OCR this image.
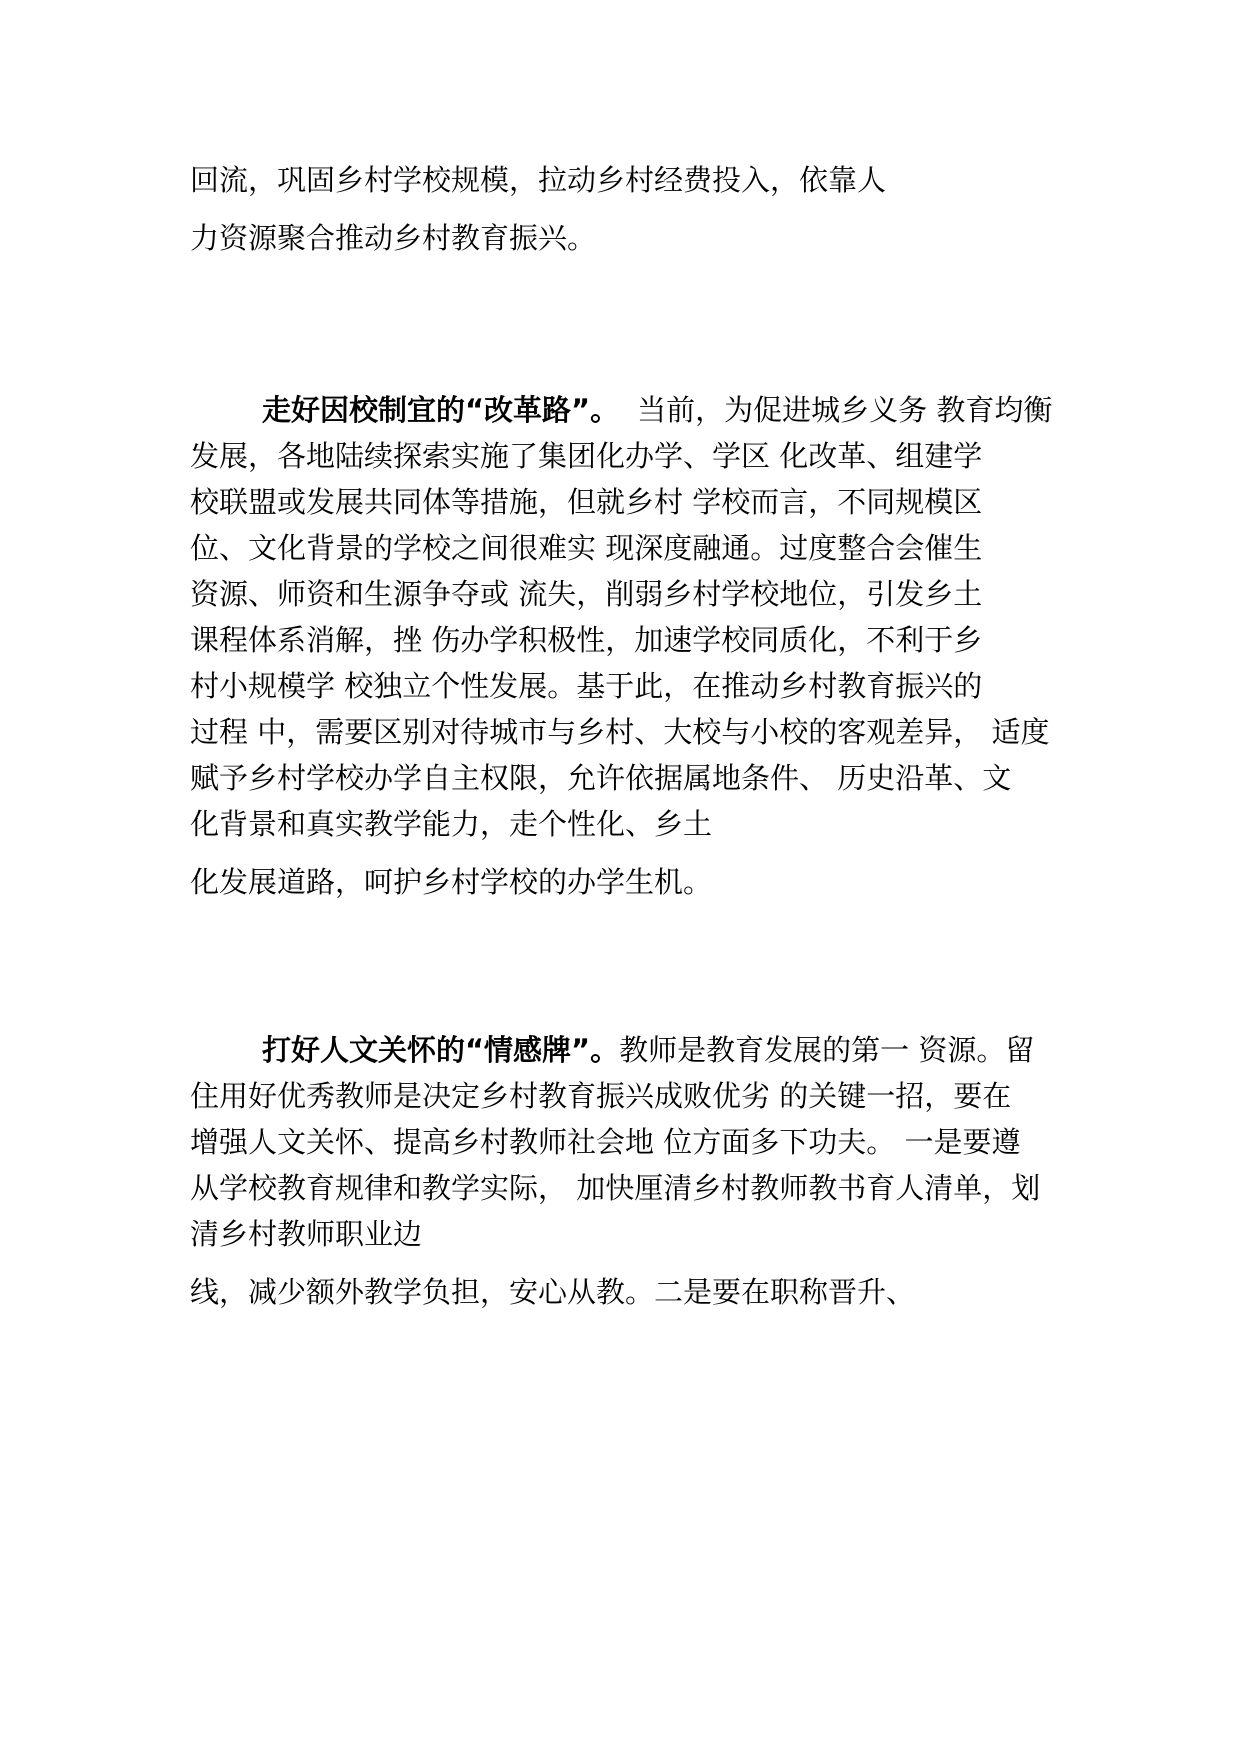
回流，巩固乡村学校规模，拉动乡村经费投入，依靠人
力资源聚合推动乡村教育振兴。
走好因校制宜的“改革路”。 当前，为促进城乡义务 教育均衡
发展，各地陆续探索实施了集团化办学、学区 化改革、组建学
校联盟或发展共同体等措施，但就乡村 学校而言，不同规模区
位、文化背景的学校之间很难实 现深度融通。过度整合会催生
资源、师资和生源争夺或 流失，削弱乡村学校地位，引发乡土
课程体系消解，挫 伤办学积极性，加速学校同质化，不利于乡
村小规模学 校独立个性发展。基于此，在推动乡村教育振兴的
过程 中，需要区别对待城市与乡村、大校与小校的客观差异， 适度
赋予乡村学校办学自主权限，允许依据属地条件、 历史沿革、文
化背景和真实教学能力，走个性化、乡土
化发展道路，呵护乡村学校的办学生机。
打好人文关怀的“情感牌”。教师是教育发展的第一 资源。留
住用好优秀教师是决定乡村教育振兴成败优劣 的关键一招，要在
增强人文关怀、提高乡村教师社会地 位方面多下功夫。 一是要遵
从学校教育规律和教学实际， 加快厘清乡村教师教书育人清单，划
清乡村教师职业边
线，减少额外教学负担，安心从教。二是要在职称晋升、
